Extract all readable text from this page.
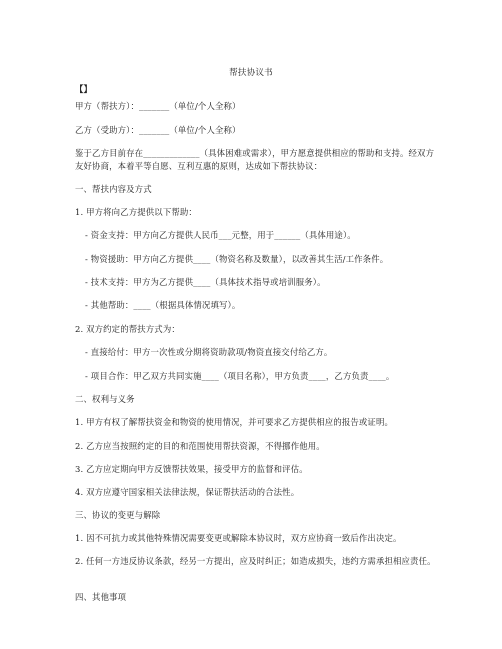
帮扶协议书
【】
甲方（帮扶方）：_______（单位/个人全称）
乙方（受助方）：_______（单位/个人全称）
鉴于乙方目前存在_____________（具体困难或需求），甲方愿意提供相应的帮助和支持。经双方友好协商，本着平等自愿、互利互惠的原则，达成如下帮扶协议：
一、帮扶内容及方式
1. 甲方将向乙方提供以下帮助：
- 资金支持：甲方向乙方提供人民币___元整，用于______（具体用途）。
- 物资援助：甲方向乙方提供____（物资名称及数量），以改善其生活/工作条件。
- 技术支持：甲方为乙方提供____（具体技术指导或培训服务）。
- 其他帮助：____（根据具体情况填写）。
2. 双方约定的帮扶方式为：
- 直接给付：甲方一次性或分期将资助款项/物资直接交付给乙方。
- 项目合作：甲乙双方共同实施____（项目名称），甲方负责____，乙方负责____。
二、权利与义务
1. 甲方有权了解帮扶资金和物资的使用情况，并可要求乙方提供相应的报告或证明。
2. 乙方应当按照约定的目的和范围使用帮扶资源，不得挪作他用。
3. 乙方应定期向甲方反馈帮扶效果，接受甲方的监督和评估。
4. 双方应遵守国家相关法律法规，保证帮扶活动的合法性。
三、协议的变更与解除
1. 因不可抗力或其他特殊情况需要变更或解除本协议时，双方应协商一致后作出决定。
2. 任何一方违反协议条款，经另一方提出，应及时纠正；如造成损失，违约方需承担相应责任。
四、其他事项
